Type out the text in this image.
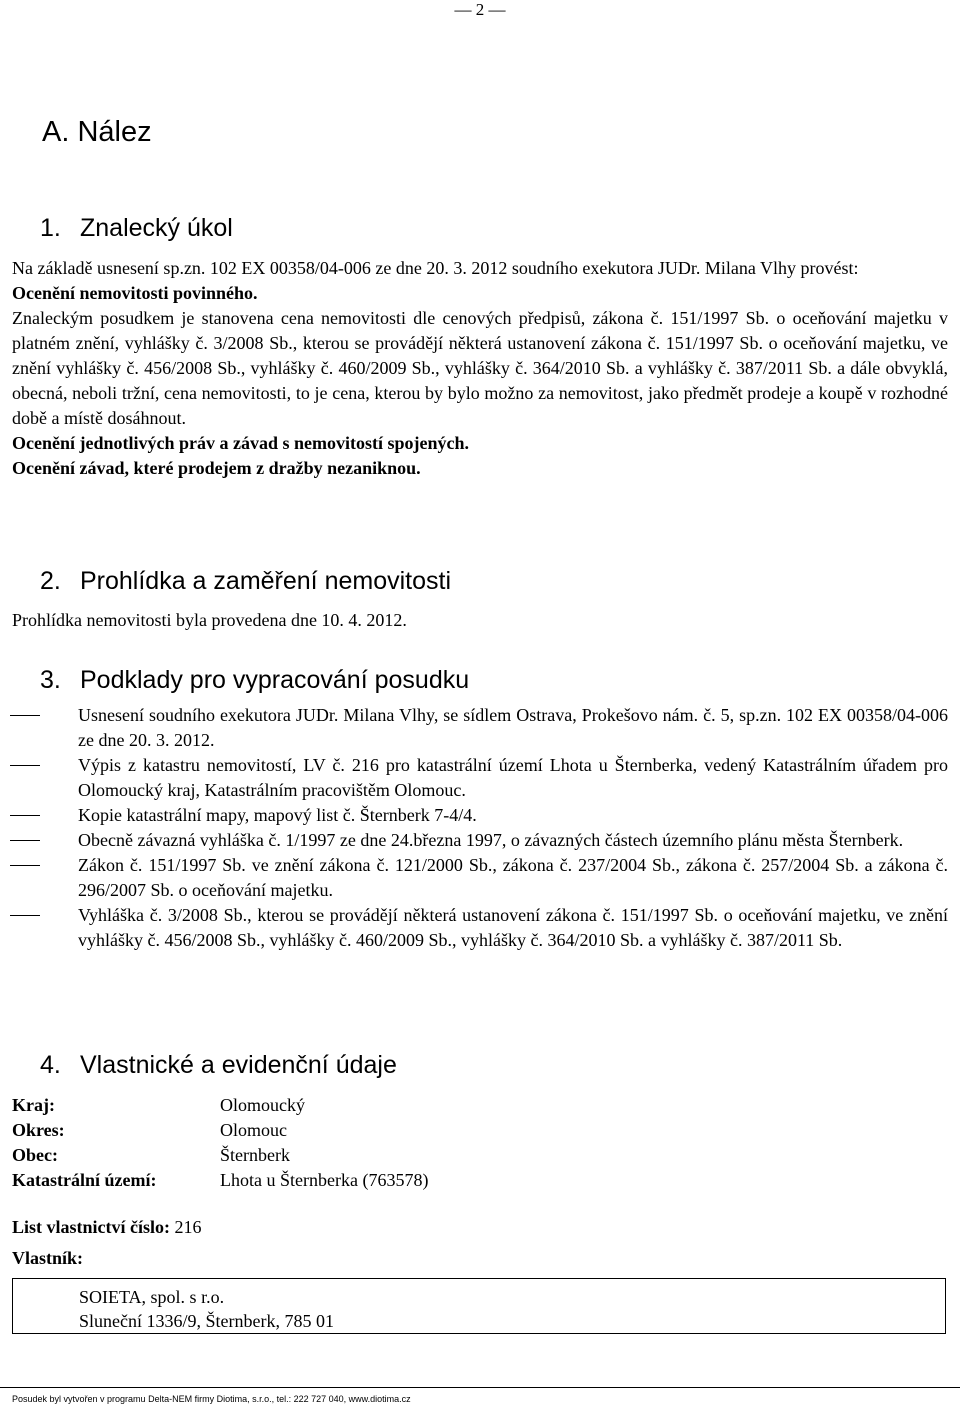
— 2 —
A. Nález
1. Znalecký úkol

Na základě usnesení sp.zn. 102 EX 00358/04-006 ze dne 20. 3. 2012 soudního exekutora JUDr. Milana Vlhy provést:

Ocenění nemovitosti povinného.

Znaleckým posudkem je stanovena cena nemovitosti dle cenových předpisů, zákona č. 151/1997 Sb. o oceňování majetku v platném znění, vyhlášky č. 3/2008 Sb., kterou se provádějí některá ustanovení zákona č. 151/1997 Sb. o oceňování majetku, ve znění vyhlášky č. 456/2008 Sb., vyhlášky č. 460/2009 Sb., vyhlášky č. 364/2010 Sb. a vyhlášky č. 387/2011 Sb. a dále obvyklá, obecná, neboli tržní, cena nemovitosti, to je cena, kterou by bylo možno za nemovitost, jako předmět prodeje a koupě v rozhodné době a místě dosáhnout.

Ocenění jednotlivých práv a závad s nemovitostí spojených.

Ocenění závad, které prodejem z dražby nezaniknou.

2. Prohlídka a zaměření nemovitosti
Prohlídka nemovitosti byla provedena dne 10. 4. 2012.
3. Podklady pro vypracování posudku
Usnesení soudního exekutora JUDr. Milana Vlhy, se sídlem Ostrava, Prokešovo nám. č. 5, sp.zn. 102 EX 00358/04-006 ze dne 20. 3. 2012.
Výpis z katastru nemovitostí, LV č. 216 pro katastrální území Lhota u Šternberka, vedený Katastrálním úřadem pro Olomoucký kraj, Katastrálním pracovištěm Olomouc.
Kopie katastrální mapy, mapový list č. Šternberk 7-4/4.
Obecně závazná vyhláška č. 1/1997 ze dne 24.března 1997, o závazných částech územního plánu města Šternberk.
Zákon č. 151/1997 Sb. ve znění zákona č. 121/2000 Sb., zákona č. 237/2004 Sb., zákona č. 257/2004 Sb. a zákona č. 296/2007 Sb. o oceňování majetku.
Vyhláška č. 3/2008 Sb., kterou se provádějí některá ustanovení zákona č. 151/1997 Sb. o oceňování majetku, ve znění vyhlášky č. 456/2008 Sb., vyhlášky č. 460/2009 Sb., vyhlášky č. 364/2010 Sb. a vyhlášky č. 387/2011 Sb.
4. Vlastnické a evidenční údaje
Kraj:	Olomoucký
Okres:	Olomouc
Obec:	Šternberk
Katastrální území:	Lhota u Šternberka (763578)
List vlastnictví číslo: 216
Vlastník:
SOIETA, spol. s r.o.
Sluneční 1336/9, Šternberk, 785 01
Posudek byl vytvořen v programu Delta-NEM firmy Diotima, s.r.o., tel.: 222 727 040, www.diotima.cz
